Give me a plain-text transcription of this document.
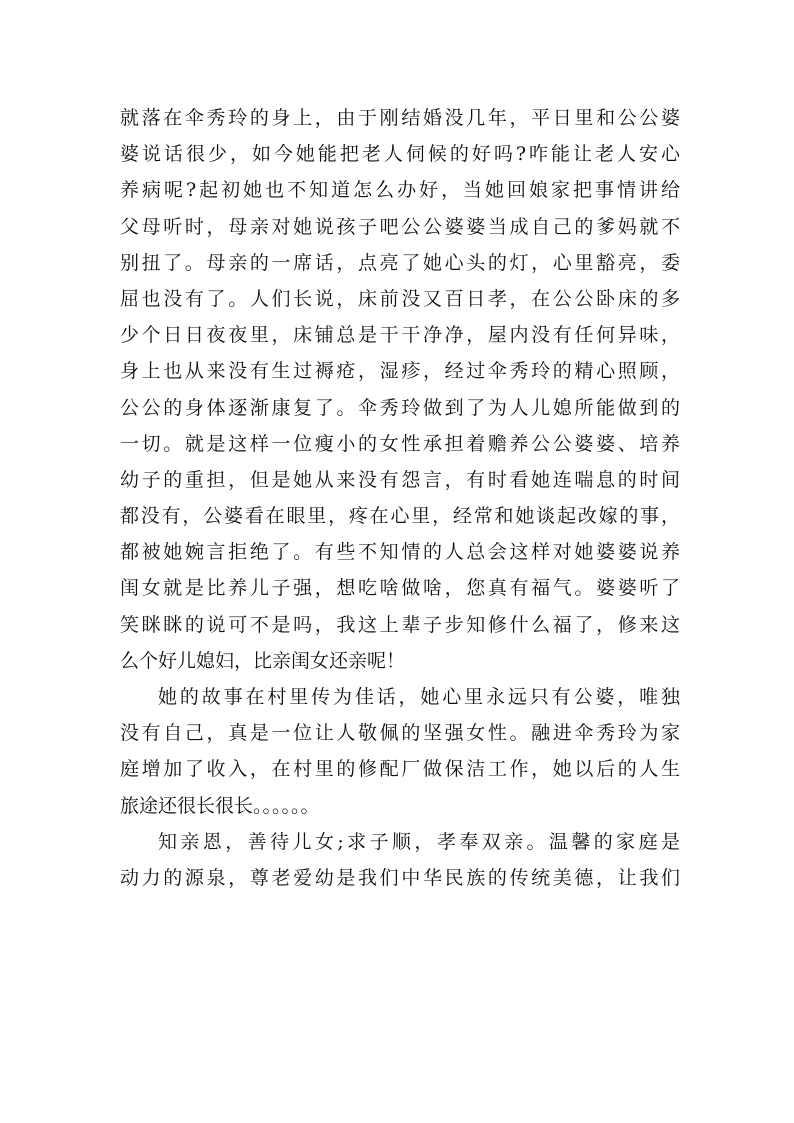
就落在伞秀玲的身上，由于刚结婚没几年，平日里和公公婆
婆说话很少，如今她能把老人伺候的好吗?咋能让老人安心
养病呢?起初她也不知道怎么办好，当她回娘家把事情讲给
父母听时，母亲对她说孩子吧公公婆婆当成自己的爹妈就不
别扭了。母亲的一席话，点亮了她心头的灯，心里豁亮，委
屈也没有了。人们长说，床前没又百日孝，在公公卧床的多
少个日日夜夜里，床铺总是干干净净，屋内没有任何异味，
身上也从来没有生过褥疮，湿疹，经过伞秀玲的精心照顾，
公公的身体逐渐康复了。伞秀玲做到了为人儿媳所能做到的
一切。就是这样一位瘦小的女性承担着赡养公公婆婆、培养
幼子的重担，但是她从来没有怨言，有时看她连喘息的时间
都没有，公婆看在眼里，疼在心里，经常和她谈起改嫁的事，
都被她婉言拒绝了。有些不知情的人总会这样对她婆婆说养
闺女就是比养儿子强，想吃啥做啥，您真有福气。婆婆听了
笑眯眯的说可不是吗，我这上辈子步知修什么福了，修来这
么个好儿媳妇，比亲闺女还亲呢！
她的故事在村里传为佳话，她心里永远只有公婆，唯独
没有自己，真是一位让人敬佩的坚强女性。融进伞秀玲为家
庭增加了收入，在村里的修配厂做保洁工作，她以后的人生
旅途还很长很长。。。。。。
知亲恩，善待儿女;求子顺，孝奉双亲。温馨的家庭是
动力的源泉，尊老爱幼是我们中华民族的传统美德，让我们
